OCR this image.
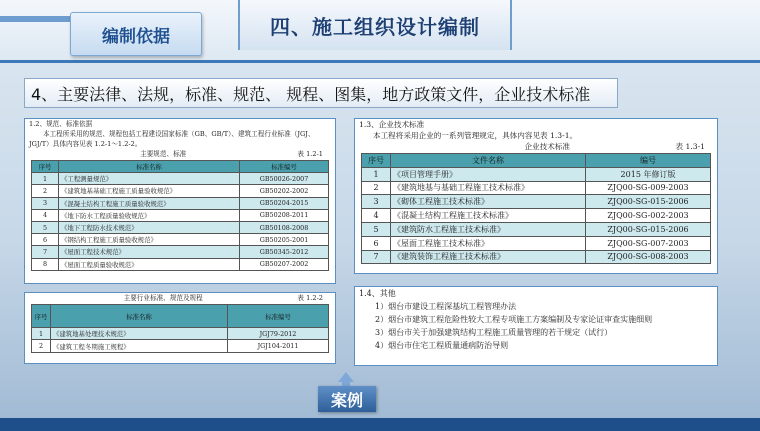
编制依据	四、施工组织设计编制
4、主要法律、法规，标准、规范、 规程、图集，地方政策文件，企业技术标准
1.2、规范、标准依据
本工程所采用的规范、规程包括工程建设国家标准（GB、GB/T）、建筑工程行业标准（JGJ、JGJ/T）具体内容见表 1.2-1～1.2-2。
主要规范、标准	表 1.2-1
序号	标准名称	标准编号
1	《工程测量规范》	GB50026-2007
2	《建筑地基基础工程施工质量验收规范》	GB50202-2002
3	《混凝土结构工程施工质量验收规范》	GB50204-2015
4	《地下防水工程质量验收规范》	GB50208-2011
5	《地下工程防水技术规范》	GB50108-2008
6	《钢结构工程施工质量验收规范》	GB50205-2001
7	《屋面工程技术规范》	GB50345-2012
8	《屋面工程质量验收规范》	GB50207-2002
1.3、企业技术标准
本工程将采用企业的一系列管理规定，具体内容见表 1.3-1。
企业技术标准	表 1.3-1
序号	文件名称	编号
1	《项目管理手册》	2015 年修订版
2	《建筑地基与基础工程施工技术标准》	ZJQ00-SG-009-2003
3	《砌体工程施工技术标准》	ZJQ00-SG-015-2006
4	《混凝土结构工程施工技术标准》	ZJQ00-SG-002-2003
5	《建筑防水工程施工技术标准》	ZJQ00-SG-015-2006
6	《屋面工程施工技术标准》	ZJQ00-SG-007-2003
7	《建筑装饰工程施工技术标准》	ZJQ00-SG-008-2003
主要行业标准、规范及规程	表 1.2-2
序号	标准名称	标准编号
1	《建筑地基处理技术规范》	JGJ79-2012
2	《建筑工程冬期施工规程》	JGJ104-2011
1.4、其他
1）烟台市建设工程深基坑工程管理办法
2）烟台市建筑工程危险性较大工程专项施工方案编制及专家论证审查实施细则
3）烟台市关于加强建筑结构工程施工质量管理的若干规定（试行）
4）烟台市住宅工程质量通病防治导则
案例
